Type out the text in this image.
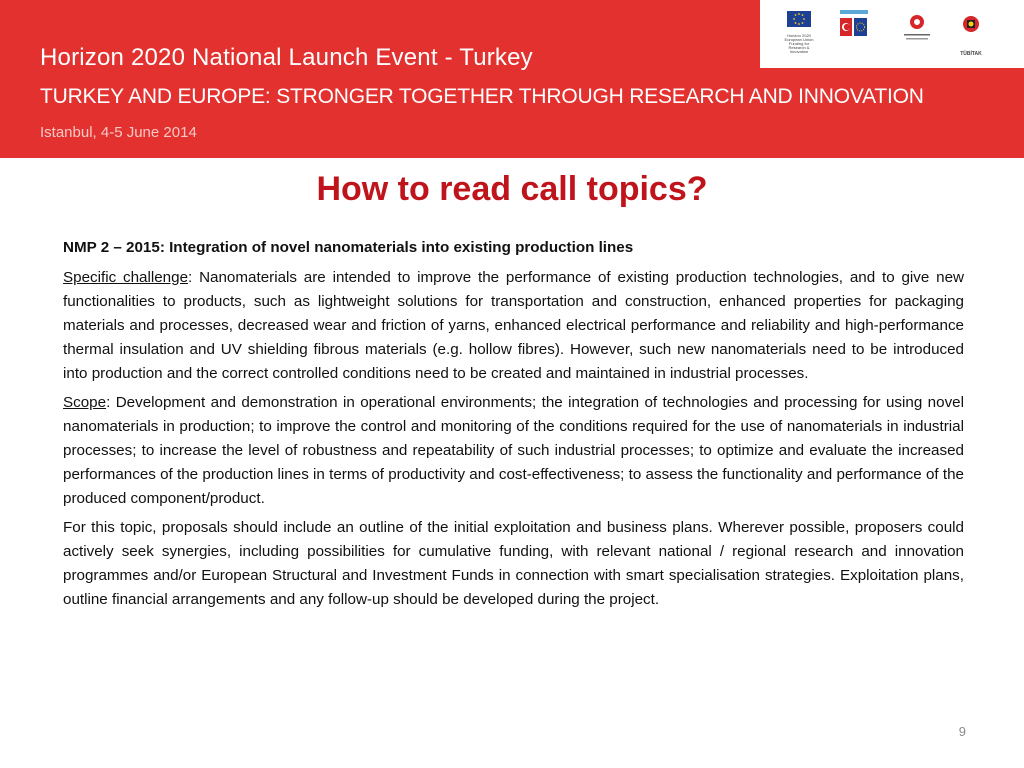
Horizon 2020 National Launch Event - Turkey
TURKEY AND EUROPE: STRONGER TOGETHER THROUGH RESEARCH AND INNOVATION
Istanbul, 4-5 June 2014
Horizon 2020 European Union Funding for Research & Innovation	TÜBİTAK
How to read call topics?

NMP 2 – 2015: Integration of novel nanomaterials into existing production lines

Specific challenge: Nanomaterials are intended to improve the performance of existing production technologies, and to give new functionalities to products, such as lightweight solutions for transportation and construction, enhanced properties for packaging materials and processes, decreased wear and friction of yarns, enhanced electrical performance and reliability and high-performance thermal insulation and UV shielding fibrous materials (e.g. hollow fibres). However, such new nanomaterials need to be introduced into production and the correct controlled conditions need to be created and maintained in industrial processes.

Scope: Development and demonstration in operational environments; the integration of technologies and processing for using novel nanomaterials in production; to improve the control and monitoring of the conditions required for the use of nanomaterials in industrial processes; to increase the level of robustness and repeatability of such industrial processes; to optimize and evaluate the increased performances of the production lines in terms of productivity and cost-effectiveness; to assess the functionality and performance of the produced component/product.

For this topic, proposals should include an outline of the initial exploitation and business plans. Wherever possible, proposers could actively seek synergies, including possibilities for cumulative funding, with relevant national / regional research and innovation programmes and/or European Structural and Investment Funds in connection with smart specialisation strategies. Exploitation plans, outline financial arrangements and any follow-up should be developed during the project.

9
